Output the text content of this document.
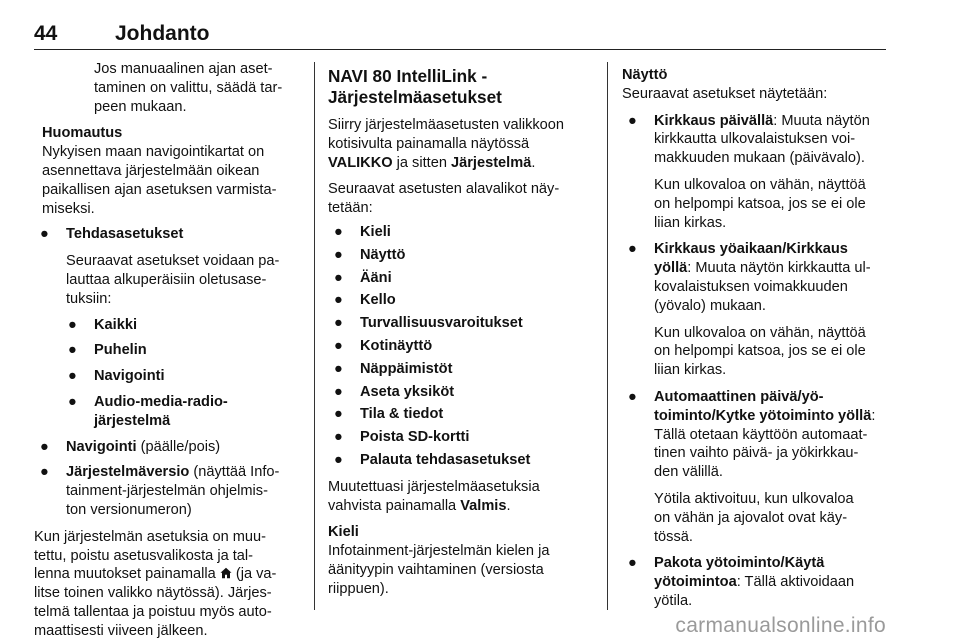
44	Johdanto

Jos manuaalinen ajan aset-
taminen on valittu, säädä tar-
peen mukaan.

Huomautus

Nykyisen maan navigointikartat on
asennettava järjestelmään oikean
paikallisen ajan asetuksen varmista-
miseksi.

● Tehdasasetukset

Seuraavat asetukset voidaan pa-
lauttaa alkuperäisiin oletusase-
tuksiin:

● Kaikki
● Puhelin
● Navigointi
● Audio-media-radio-
järjestelmä
● Navigointi (päälle/pois)
● Järjestelmäversio (näyttää Info-
tainment-järjestelmän ohjelmis-
ton versionumeron)

Kun järjestelmän asetuksia on muu-
tettu, poistu asetusvalikosta ja tal-
lenna muutokset painamalla  (ja va-
litse toinen valikko näytössä). Järjes-
telmä tallentaa ja poistuu myös auto-
maattisesti viiveen jälkeen.

NAVI 80 IntelliLink -
Järjestelmäasetukset

Siirry järjestelmäasetusten valikkoon
kotisivulta painamalla näytössä
VALIKKO ja sitten Järjestelmä.

Seuraavat asetusten alavalikot näy-
tetään:

● Kieli
● Näyttö
● Ääni
● Kello
● Turvallisuusvaroitukset
● Kotinäyttö
● Näppäimistöt
● Aseta yksiköt
● Tila & tiedot
● Poista SD-kortti
● Palauta tehdasasetukset

Muutettuasi järjestelmäasetuksia
vahvista painamalla Valmis.

Kieli

Infotainment-järjestelmän kielen ja
äänityypin vaihtaminen (versiosta
riippuen).

Näyttö

Seuraavat asetukset näytetään:

● Kirkkaus päivällä: Muuta näytön
kirkkautta ulkovalaistuksen voi-
makkuuden mukaan (päivävalo).

Kun ulkovaloa on vähän, näyttöä
on helpompi katsoa, jos se ei ole
liian kirkas.

● Kirkkaus yöaikaan/Kirkkaus
yöllä: Muuta näytön kirkkautta ul-
kovalaistuksen voimakkuuden
(yövalo) mukaan.

Kun ulkovaloa on vähän, näyttöä
on helpompi katsoa, jos se ei ole
liian kirkas.

● Automaattinen päivä/yö-
toiminto/Kytke yötoiminto yöllä:
Tällä otetaan käyttöön automaat-
tinen vaihto päivä- ja yökirkkau-
den välillä.

Yötila aktivoituu, kun ulkovaloa
on vähän ja ajovalot ovat käy-
tössä.

● Pakota yötoiminto/Käytä
yötoimintoa: Tällä aktivoidaan
yötila.
carmanualsonline.info
